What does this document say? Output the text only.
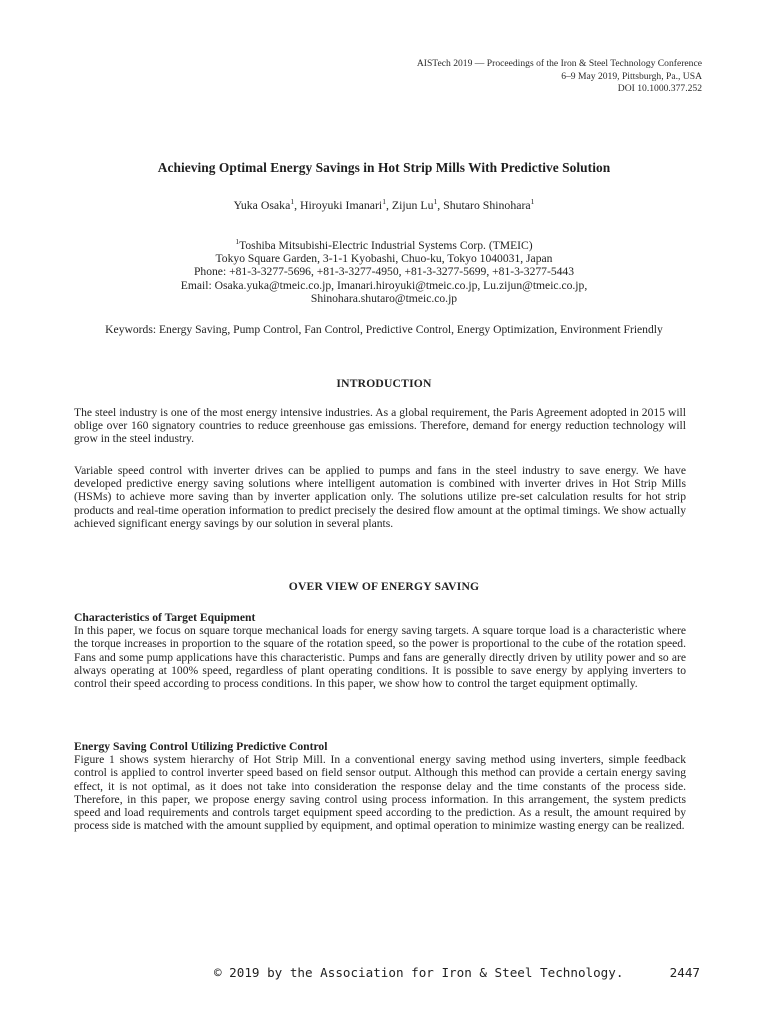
AISTech 2019 — Proceedings of the Iron & Steel Technology Conference
6–9 May 2019, Pittsburgh, Pa., USA
DOI 10.1000.377.252
Achieving Optimal Energy Savings in Hot Strip Mills With Predictive Solution
Yuka Osaka$^1$, Hiroyuki Imanari$^1$, Zijun Lu$^1$, Shutaro Shinohara$^1$
$^1$Toshiba Mitsubishi-Electric Industrial Systems Corp. (TMEIC)
Tokyo Square Garden, 3-1-1 Kyobashi, Chuo-ku, Tokyo 1040031, Japan
Phone: +81-3-3277-5696, +81-3-3277-4950, +81-3-3277-5699, +81-3-3277-5443
Email: Osaka.yuka@tmeic.co.jp, Imanari.hiroyuki@tmeic.co.jp, Lu.zijun@tmeic.co.jp,
Shinohara.shutaro@tmeic.co.jp
Keywords: Energy Saving, Pump Control, Fan Control, Predictive Control, Energy Optimization, Environment Friendly
INTRODUCTION
The steel industry is one of the most energy intensive industries. As a global requirement, the Paris Agreement adopted in 2015 will oblige over 160 signatory countries to reduce greenhouse gas emissions. Therefore, demand for energy reduction technology will grow in the steel industry.
Variable speed control with inverter drives can be applied to pumps and fans in the steel industry to save energy. We have developed predictive energy saving solutions where intelligent automation is combined with inverter drives in Hot Strip Mills (HSMs) to achieve more saving than by inverter application only. The solutions utilize pre-set calculation results for hot strip products and real-time operation information to predict precisely the desired flow amount at the optimal timings. We show actually achieved significant energy savings by our solution in several plants.
OVER VIEW OF ENERGY SAVING
Characteristics of Target Equipment
In this paper, we focus on square torque mechanical loads for energy saving targets. A square torque load is a characteristic where the torque increases in proportion to the square of the rotation speed, so the power is proportional to the cube of the rotation speed. Fans and some pump applications have this characteristic. Pumps and fans are generally directly driven by utility power and so are always operating at 100% speed, regardless of plant operating conditions. It is possible to save energy by applying inverters to control their speed according to process conditions. In this paper, we show how to control the target equipment optimally.
Energy Saving Control Utilizing Predictive Control
Figure 1 shows system hierarchy of Hot Strip Mill. In a conventional energy saving method using inverters, simple feedback control is applied to control inverter speed based on field sensor output. Although this method can provide a certain energy saving effect, it is not optimal, as it does not take into consideration the response delay and the time constants of the process side. Therefore, in this paper, we propose energy saving control using process information. In this arrangement, the system predicts speed and load requirements and controls target equipment speed according to the prediction. As a result, the amount required by process side is matched with the amount supplied by equipment, and optimal operation to minimize wasting energy can be realized.
© 2019 by the Association for Iron & Steel Technology.	2447
